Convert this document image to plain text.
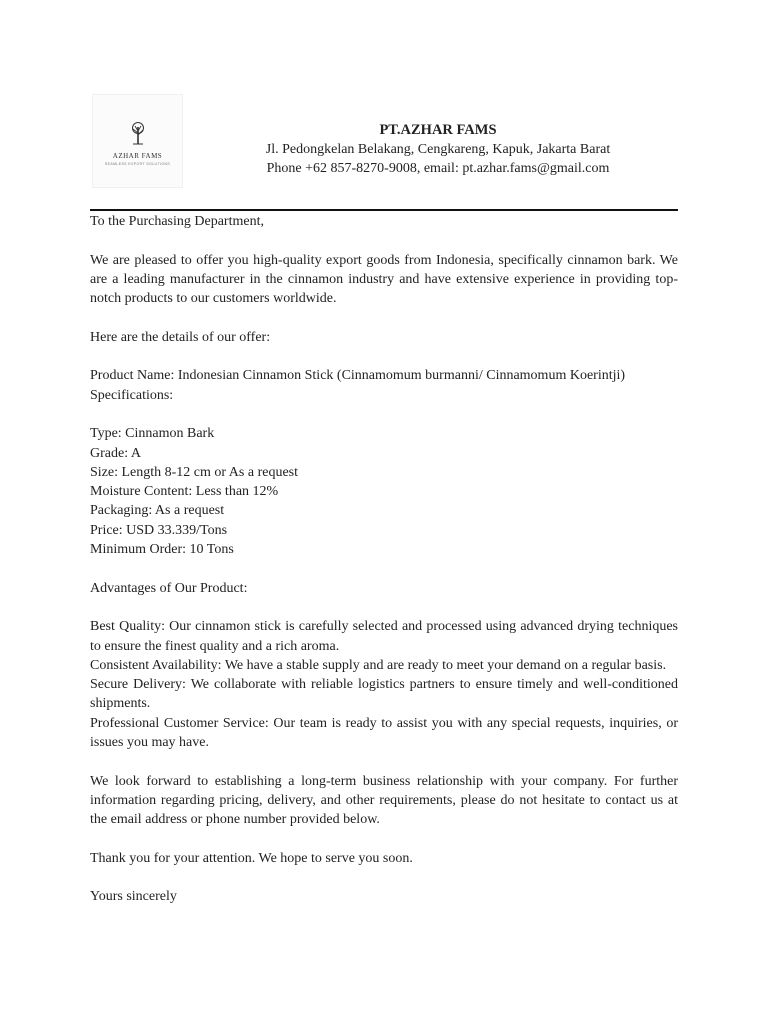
AZHAR FAMS
SEAMLESS EXPORT SOLUTIONS
PT.AZHAR FAMS
Jl. Pedongkelan Belakang, Cengkareng, Kapuk, Jakarta Barat
Phone +62 857-8270-9008, email: pt.azhar.fams@gmail.com

To the Purchasing Department,

We are pleased to offer you high-quality export goods from Indonesia, specifically cinnamon bark. We are a leading manufacturer in the cinnamon industry and have extensive experience in providing top-notch products to our customers worldwide.

Here are the details of our offer:

Product Name: Indonesian Cinnamon Stick (Cinnamomum burmanni/ Cinnamomum Koerintji)

Specifications:

Type: Cinnamon Bark
Grade: A
Size: Length 8-12 cm or As a request
Moisture Content: Less than 12%
Packaging: As a request
Price: USD 33.339/Tons

Minimum Order: 10 Tons

Advantages of Our Product:

Best Quality: Our cinnamon stick is carefully selected and processed using advanced drying techniques to ensure the finest quality and a rich aroma.
Consistent Availability: We have a stable supply and are ready to meet your demand on a regular basis.
Secure Delivery: We collaborate with reliable logistics partners to ensure timely and well-conditioned shipments.

Professional Customer Service: Our team is ready to assist you with any special requests, inquiries, or issues you may have.

We look forward to establishing a long-term business relationship with your company. For further information regarding pricing, delivery, and other requirements, please do not hesitate to contact us at the email address or phone number provided below.

Thank you for your attention. We hope to serve you soon.

Yours sincerely
